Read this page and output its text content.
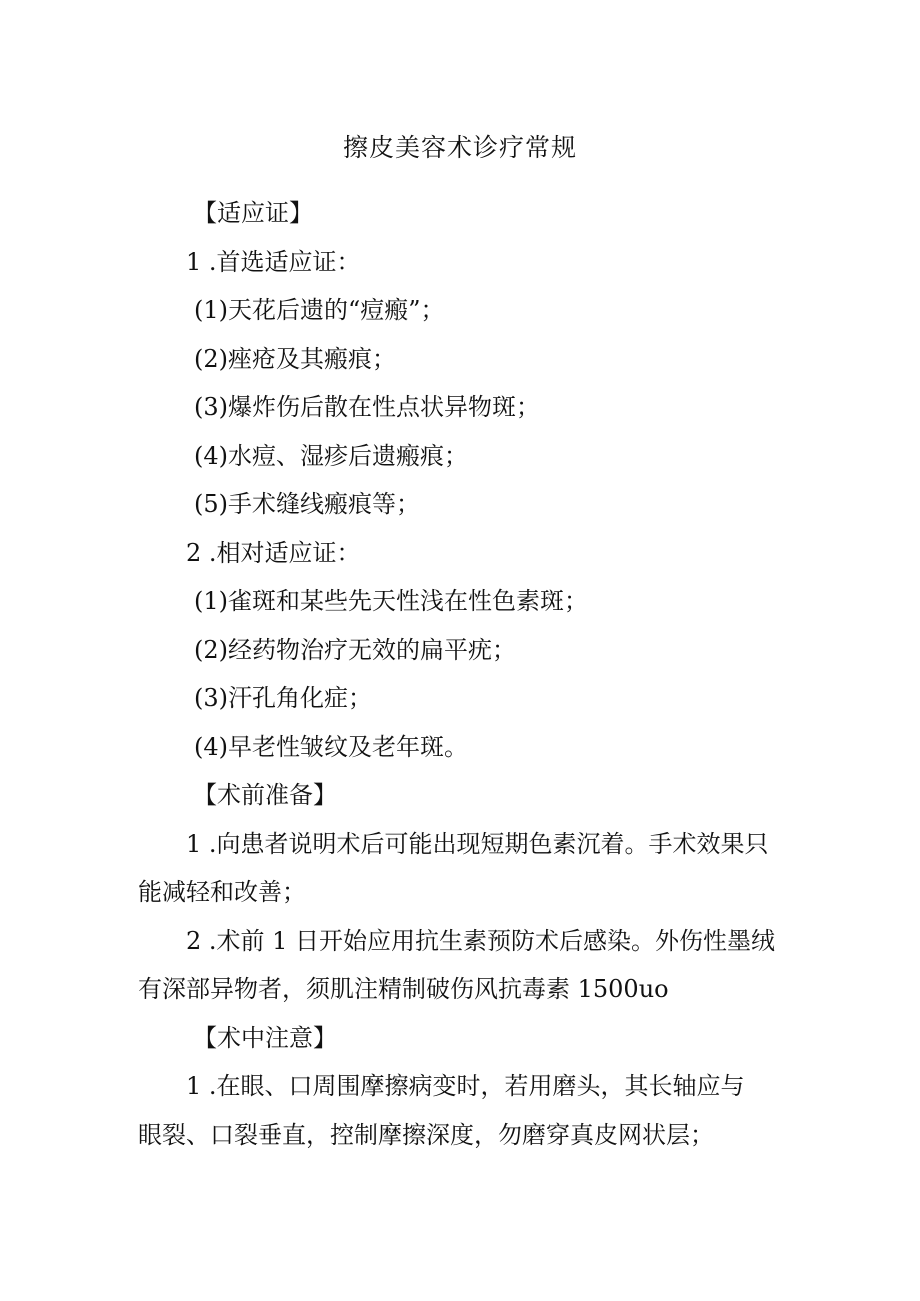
擦皮美容术诊疗常规
【适应证】
1 .首选适应证：
(1)天花后遗的“痘瘢”；
(2)痤疮及其瘢痕；
(3)爆炸伤后散在性点状异物斑；
(4)水痘、湿疹后遗瘢痕；
(5)手术缝线瘢痕等；
2 .相对适应证：
(1)雀斑和某些先天性浅在性色素斑；
(2)经药物治疗无效的扁平疣；
(3)汗孔角化症；
(4)早老性皱纹及老年斑。
【术前准备】
1 .向患者说明术后可能出现短期色素沉着。手术效果只
能减轻和改善；
2 .术前 1 日开始应用抗生素预防术后感染。外伤性墨绒
有深部异物者，须肌注精制破伤风抗毒素 1500uo
【术中注意】
1 .在眼、口周围摩擦病变时，若用磨头，其长轴应与
眼裂、口裂垂直，控制摩擦深度，勿磨穿真皮网状层；
